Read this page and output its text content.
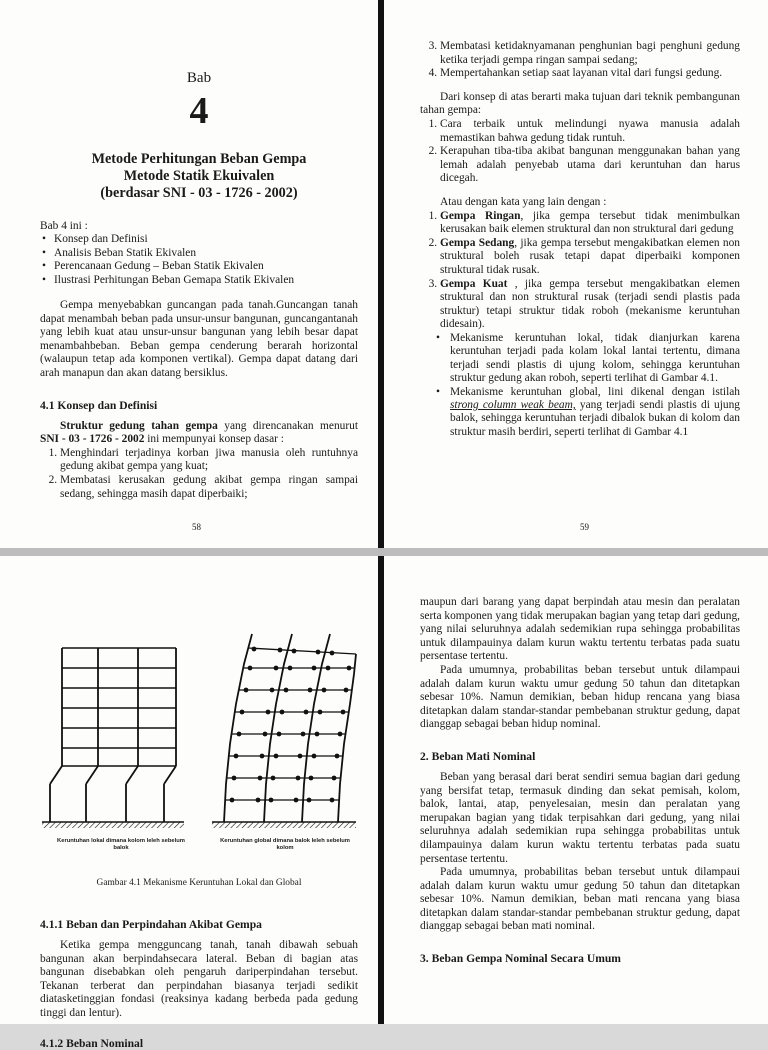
Bab
4
Metode Perhitungan Beban Gempa
Metode Statik Ekuivalen
(berdasar SNI - 03 - 1726 - 2002)
Bab 4 ini :
• Konsep dan Definisi
• Analisis Beban Statik Ekivalen
• Perencanaan Gedung – Beban Statik Ekivalen
• Ilustrasi Perhitungan Beban Gemapa Statik Ekivalen

Gempa menyebabkan guncangan pada tanah.Guncangan tanah dapat menambah beban pada unsur-unsur bangunan, guncangantanah yang lebih kuat atau unsur-unsur bangunan yang lebih besar dapat menambahbeban. Beban gempa cenderung berarah horizontal (walaupun tetap ada komponen vertikal). Gempa dapat datang dari arah manapun dan akan datang bersiklus.

4.1 Konsep dan Definisi

Struktur gedung tahan gempa yang direncanakan menurut SNI - 03 - 1726 - 2002 ini mempunyai konsep dasar :

1. Menghindari terjadinya korban jiwa manusia oleh runtuhnya gedung akibat gempa yang kuat;
2. Membatasi kerusakan gedung akibat gempa ringan sampai sedang, sehingga masih dapat diperbaiki;
58
3. Membatasi ketidaknyamanan penghunian bagi penghuni gedung ketika terjadi gempa ringan sampai sedang;
4. Mempertahankan setiap saat layanan vital dari fungsi gedung.

Dari konsep di atas berarti maka tujuan dari teknik pembangunan tahan gempa:

1. Cara terbaik untuk melindungi nyawa manusia adalah memastikan bahwa gedung tidak runtuh.
2. Kerapuhan tiba-tiba akibat bangunan menggunakan bahan yang lemah adalah penyebab utama dari keruntuhan dan harus dicegah.

Atau dengan kata yang lain dengan :

1. Gempa Ringan, jika gempa tersebut tidak menimbulkan kerusakan baik elemen struktural dan non struktural dari gedung
2. Gempa Sedang, jika gempa tersebut mengakibatkan elemen non struktural boleh rusak tetapi dapat diperbaiki komponen struktural tidak rusak.
3. Gempa Kuat , jika gempa tersebut mengakibatkan elemen struktural dan non struktural rusak (terjadi sendi plastis pada struktur) tetapi struktur tidak roboh (mekanisme keruntuhan didesain).
• Mekanisme keruntuhan lokal, tidak dianjurkan karena keruntuhan terjadi pada kolam lokal lantai tertentu, dimana terjadi sendi plastis di ujung kolom, sehingga keruntuhan struktur gedung akan roboh, seperti terlihat di Gambar 4.1.
• Mekanisme keruntuhan global, lini dikenal dengan istilah strong column weak beam, yang terjadi sendi plastis di ujung balok, sehingga keruntuhan terjadi dibalok bukan di kolom dan struktur masih berdiri, seperti terlihat di Gambar 4.1
59
Keruntuhan lokal dimana kolom leleh sebelum balok
Keruntuhan global dimana balok leleh sebelum kolom
Gambar 4.1 Mekanisme Keruntuhan Lokal dan Global
4.1.1 Beban dan Perpindahan Akibat Gempa

Ketika gempa mengguncang tanah, tanah dibawah sebuah bangunan akan berpindahsecara lateral. Beban di bagian atas bangunan disebabkan oleh pengaruh dariperpindahan tersebut. Tekanan terberat dan perpindahan biasanya terjadi sedikit diatasketinggian fondasi (reaksinya kadang berbeda pada gedung tinggi dan lentur).

4.1.2 Beban Nominal

maupun dari barang yang dapat berpindah atau mesin dan peralatan serta komponen yang tidak merupakan bagian yang tetap dari gedung, yang nilai seluruhnya adalah sedemikian rupa sehingga probabilitas untuk dilampauinya dalam kurun waktu tertentu terbatas pada suatu persentase tertentu.

Pada umumnya, probabilitas beban tersebut untuk dilampaui adalah dalam kurun waktu umur gedung 50 tahun dan ditetapkan sebesar 10%. Namun demikian, beban hidup rencana yang biasa ditetapkan dalam standar-standar pembebanan struktur gedung, dapat dianggap sebagai beban hidup nominal.

2. Beban Mati Nominal

Beban yang berasal dari berat sendiri semua bagian dari gedung yang bersifat tetap, termasuk dinding dan sekat pemisah, kolom, balok, lantai, atap, penyelesaian, mesin dan peralatan yang merupakan bagian yang tidak terpisahkan dari gedung, yang nilai seluruhnya adalah sedemikian rupa sehingga probabilitas untuk dilampauinya dalam kurun waktu tertentu terbatas pada suatu persentase tertentu.

Pada umumnya, probabilitas beban tersebut untuk dilampaui adalah dalam kurun waktu umur gedung 50 tahun dan ditetapkan sebesar 10%. Namun demikian, beban mati rencana yang biasa ditetapkan dalam standar-standar pembebanan struktur gedung, dapat dianggap sebagai beban mati nominal.

3. Beban Gempa Nominal Secara Umum
